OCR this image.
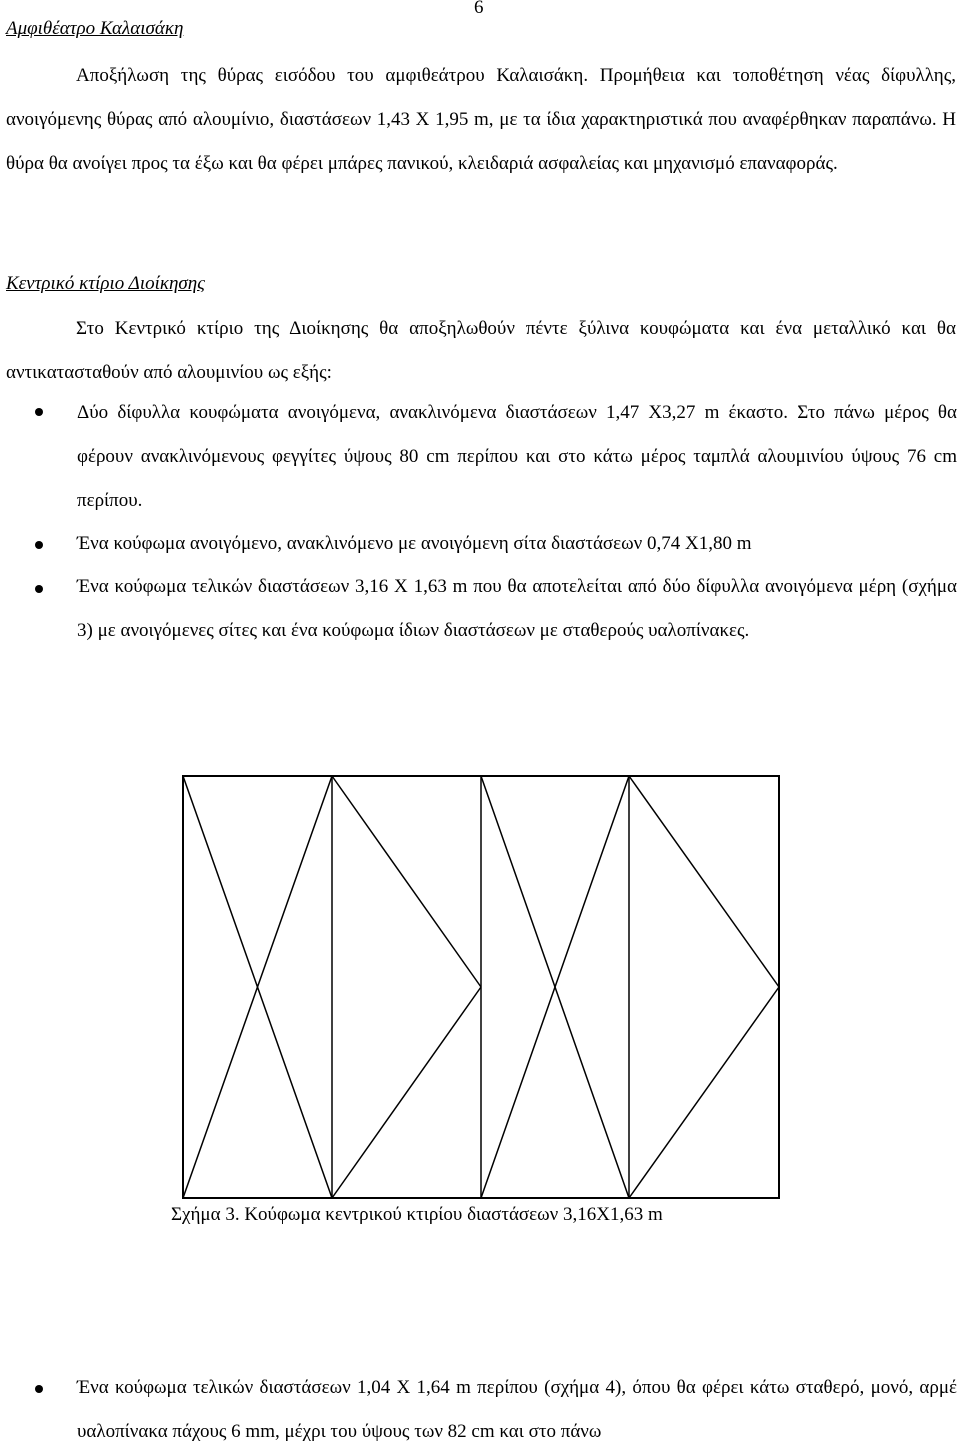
6
Αμφιθέατρο Καλαισάκη

Αποξήλωση της θύρας εισόδου του αμφιθεάτρου Καλαισάκη. Προμήθεια και τοποθέτηση νέας δίφυλλης, ανοιγόμενης θύρας από αλουμίνιο, διαστάσεων 1,43 Χ 1,95 m, με τα ίδια χαρακτηριστικά που αναφέρθηκαν παραπάνω. Η θύρα θα ανοίγει προς τα έξω και θα φέρει μπάρες πανικού, κλειδαριά ασφαλείας και μηχανισμό επαναφοράς.

Κεντρικό κτίριο Διοίκησης

Στο Κεντρικό κτίριο της Διοίκησης θα αποξηλωθούν πέντε ξύλινα κουφώματα και ένα μεταλλικό και θα αντικατασταθούν από αλουμινίου ως εξής:

Δύο δίφυλλα κουφώματα ανοιγόμενα, ανακλινόμενα διαστάσεων 1,47 Χ3,27 m έκαστο. Στο πάνω μέρος θα φέρουν ανακλινόμενους φεγγίτες ύψους 80 cm περίπου και στο κάτω μέρος ταμπλά αλουμινίου ύψους 76 cm περίπου.

Ένα κούφωμα ανοιγόμενο, ανακλινόμενο με ανοιγόμενη σίτα διαστάσεων 0,74 Χ1,80 m

Ένα κούφωμα τελικών διαστάσεων 3,16 Χ 1,63 m που θα αποτελείται από δύο δίφυλλα ανοιγόμενα μέρη (σχήμα 3) με ανοιγόμενες σίτες και ένα κούφωμα ίδιων διαστάσεων με σταθερούς υαλοπίνακες.

Σχήμα 3. Κούφωμα κεντρικού κτιρίου διαστάσεων 3,16Χ1,63 m

Ένα κούφωμα τελικών διαστάσεων 1,04 Χ 1,64 m περίπου (σχήμα 4), όπου θα φέρει κάτω σταθερό, μονό, αρμέ υαλοπίνακα πάχους 6 mm, μέχρι του ύψους των 82 cm και στο πάνω
